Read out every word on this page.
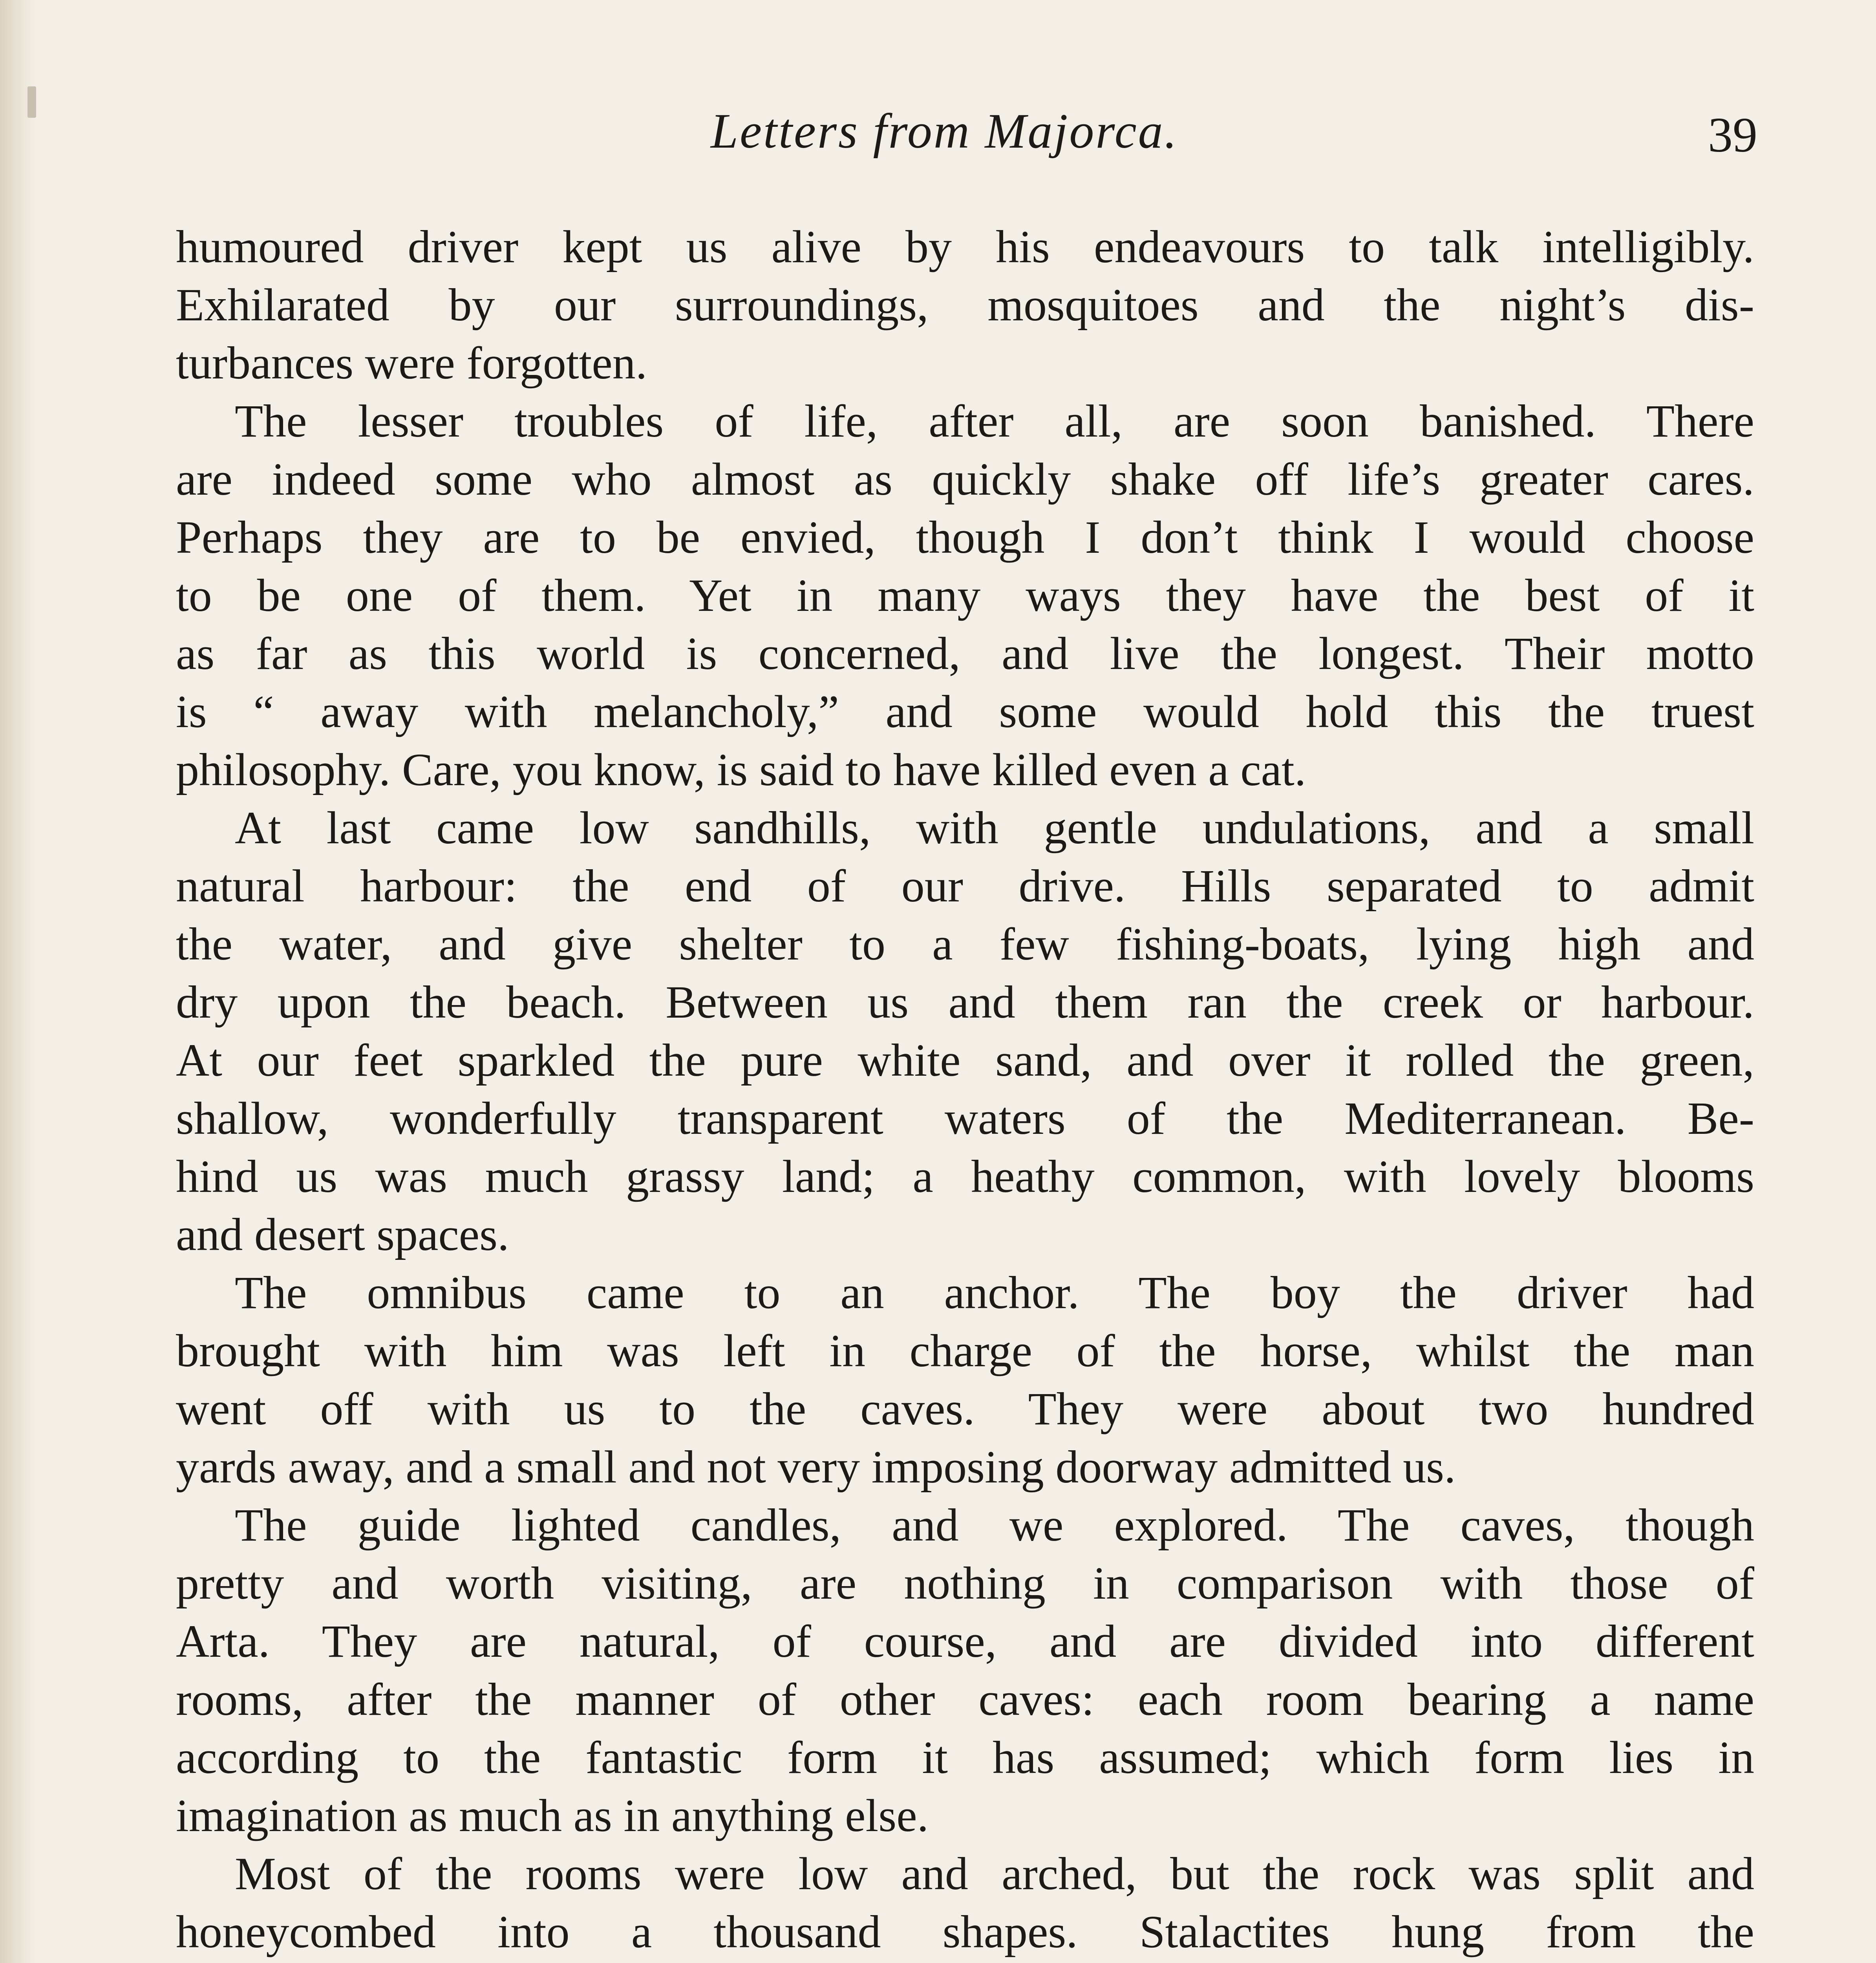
Letters from Majorca.	39
humoured driver kept us alive by his endeavours to talk intelligibly.
Exhilarated by our surroundings, mosquitoes and the night’s dis-
turbances were forgotten.
The lesser troubles of life, after all, are soon banished. There
are indeed some who almost as quickly shake off life’s greater cares.
Perhaps they are to be envied, though I don’t think I would choose
to be one of them. Yet in many ways they have the best of it
as far as this world is concerned, and live the longest. Their motto
is “ away with melancholy,” and some would hold this the truest
philosophy. Care, you know, is said to have killed even a cat.
At last came low sandhills, with gentle undulations, and a small
natural harbour: the end of our drive. Hills separated to admit
the water, and give shelter to a few fishing-boats, lying high and
dry upon the beach. Between us and them ran the creek or harbour.
At our feet sparkled the pure white sand, and over it rolled the green,
shallow, wonderfully transparent waters of the Mediterranean. Be-
hind us was much grassy land; a heathy common, with lovely blooms
and desert spaces.
The omnibus came to an anchor. The boy the driver had
brought with him was left in charge of the horse, whilst the man
went off with us to the caves. They were about two hundred
yards away, and a small and not very imposing doorway admitted us.
The guide lighted candles, and we explored. The caves, though
pretty and worth visiting, are nothing in comparison with those of
Arta. They are natural, of course, and are divided into different
rooms, after the manner of other caves: each room bearing a name
according to the fantastic form it has assumed; which form lies in
imagination as much as in anything else.
Most of the rooms were low and arched, but the rock was split and
honeycombed into a thousand shapes. Stalactites hung from the
